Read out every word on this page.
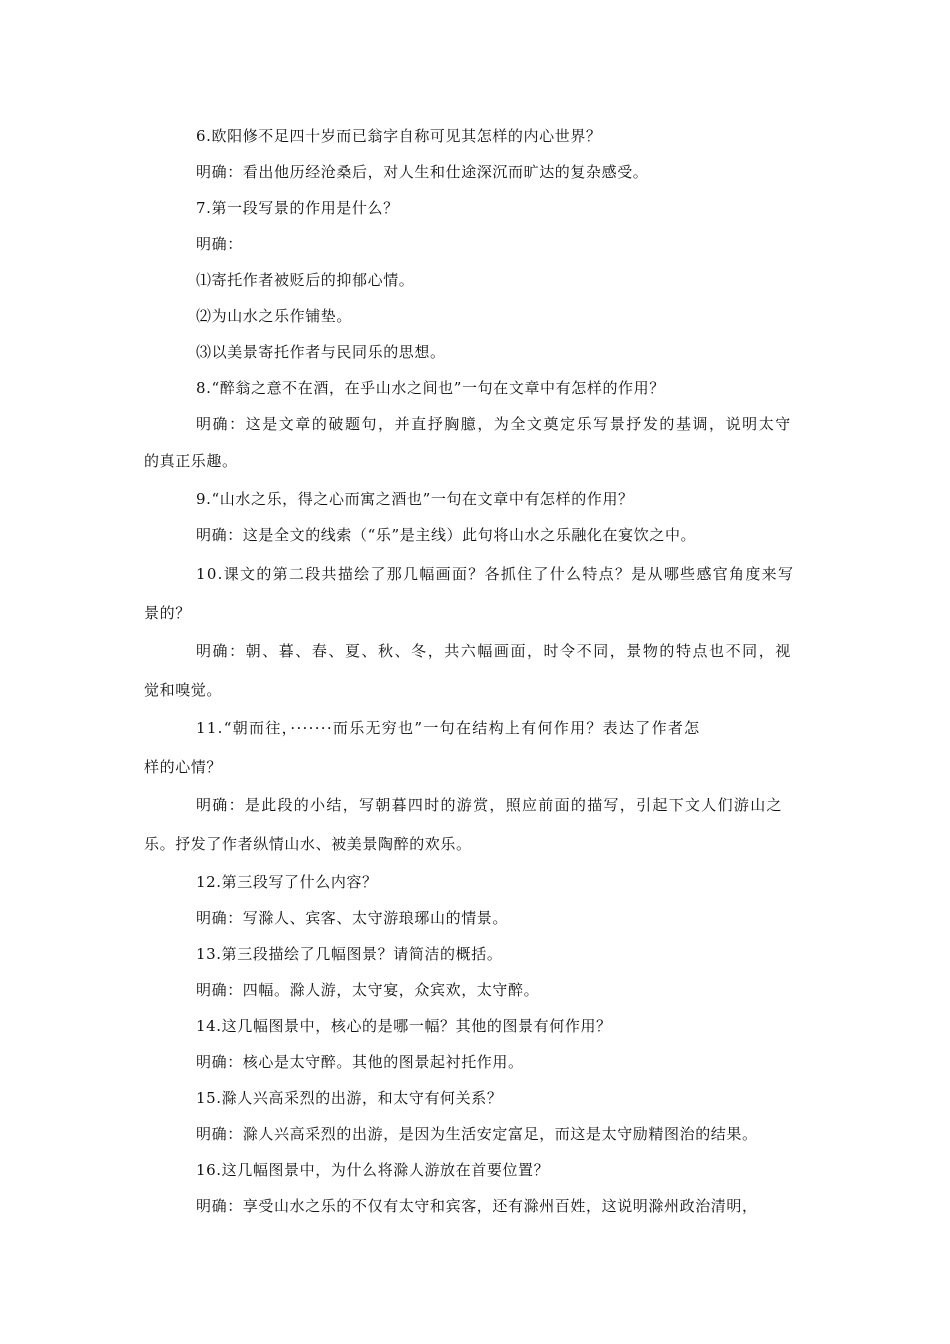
6.欧阳修不足四十岁而已翁字自称可见其怎样的内心世界？
明确：看出他历经沧桑后，对人生和仕途深沉而旷达的复杂感受。
7.第一段写景的作用是什么？
明确：
⑴寄托作者被贬后的抑郁心情。
⑵为山水之乐作铺垫。
⑶以美景寄托作者与民同乐的思想。
8.“醉翁之意不在酒，在乎山水之间也”一句在文章中有怎样的作用？
明确：这是文章的破题句，并直抒胸臆，为全文奠定乐写景抒发的基调，说明太守
的真正乐趣。
9.“山水之乐，得之心而寓之酒也”一句在文章中有怎样的作用？
明确：这是全文的线索（“乐”是主线）此句将山水之乐融化在宴饮之中。
10.课文的第二段共描绘了那几幅画面？各抓住了什么特点？是从哪些感官角度来写
景的？
明确：朝、暮、春、夏、秋、冬，共六幅画面，时令不同，景物的特点也不同，视
觉和嗅觉。
11.“朝而往，·······而乐无穷也”一句在结构上有何作用？表达了作者怎
样的心情？
明确：是此段的小结，写朝暮四时的游赏，照应前面的描写，引起下文人们游山之
乐。抒发了作者纵情山水、被美景陶醉的欢乐。
12.第三段写了什么内容？
明确：写滁人、宾客、太守游琅琊山的情景。
13.第三段描绘了几幅图景？请简洁的概括。
明确：四幅。滁人游，太守宴，众宾欢，太守醉。
14.这几幅图景中，核心的是哪一幅？其他的图景有何作用？
明确：核心是太守醉。其他的图景起衬托作用。
15.滁人兴高采烈的出游，和太守有何关系？
明确：滁人兴高采烈的出游，是因为生活安定富足，而这是太守励精图治的结果。
16.这几幅图景中，为什么将滁人游放在首要位置？
明确：享受山水之乐的不仅有太守和宾客，还有滁州百姓，这说明滁州政治清明，
